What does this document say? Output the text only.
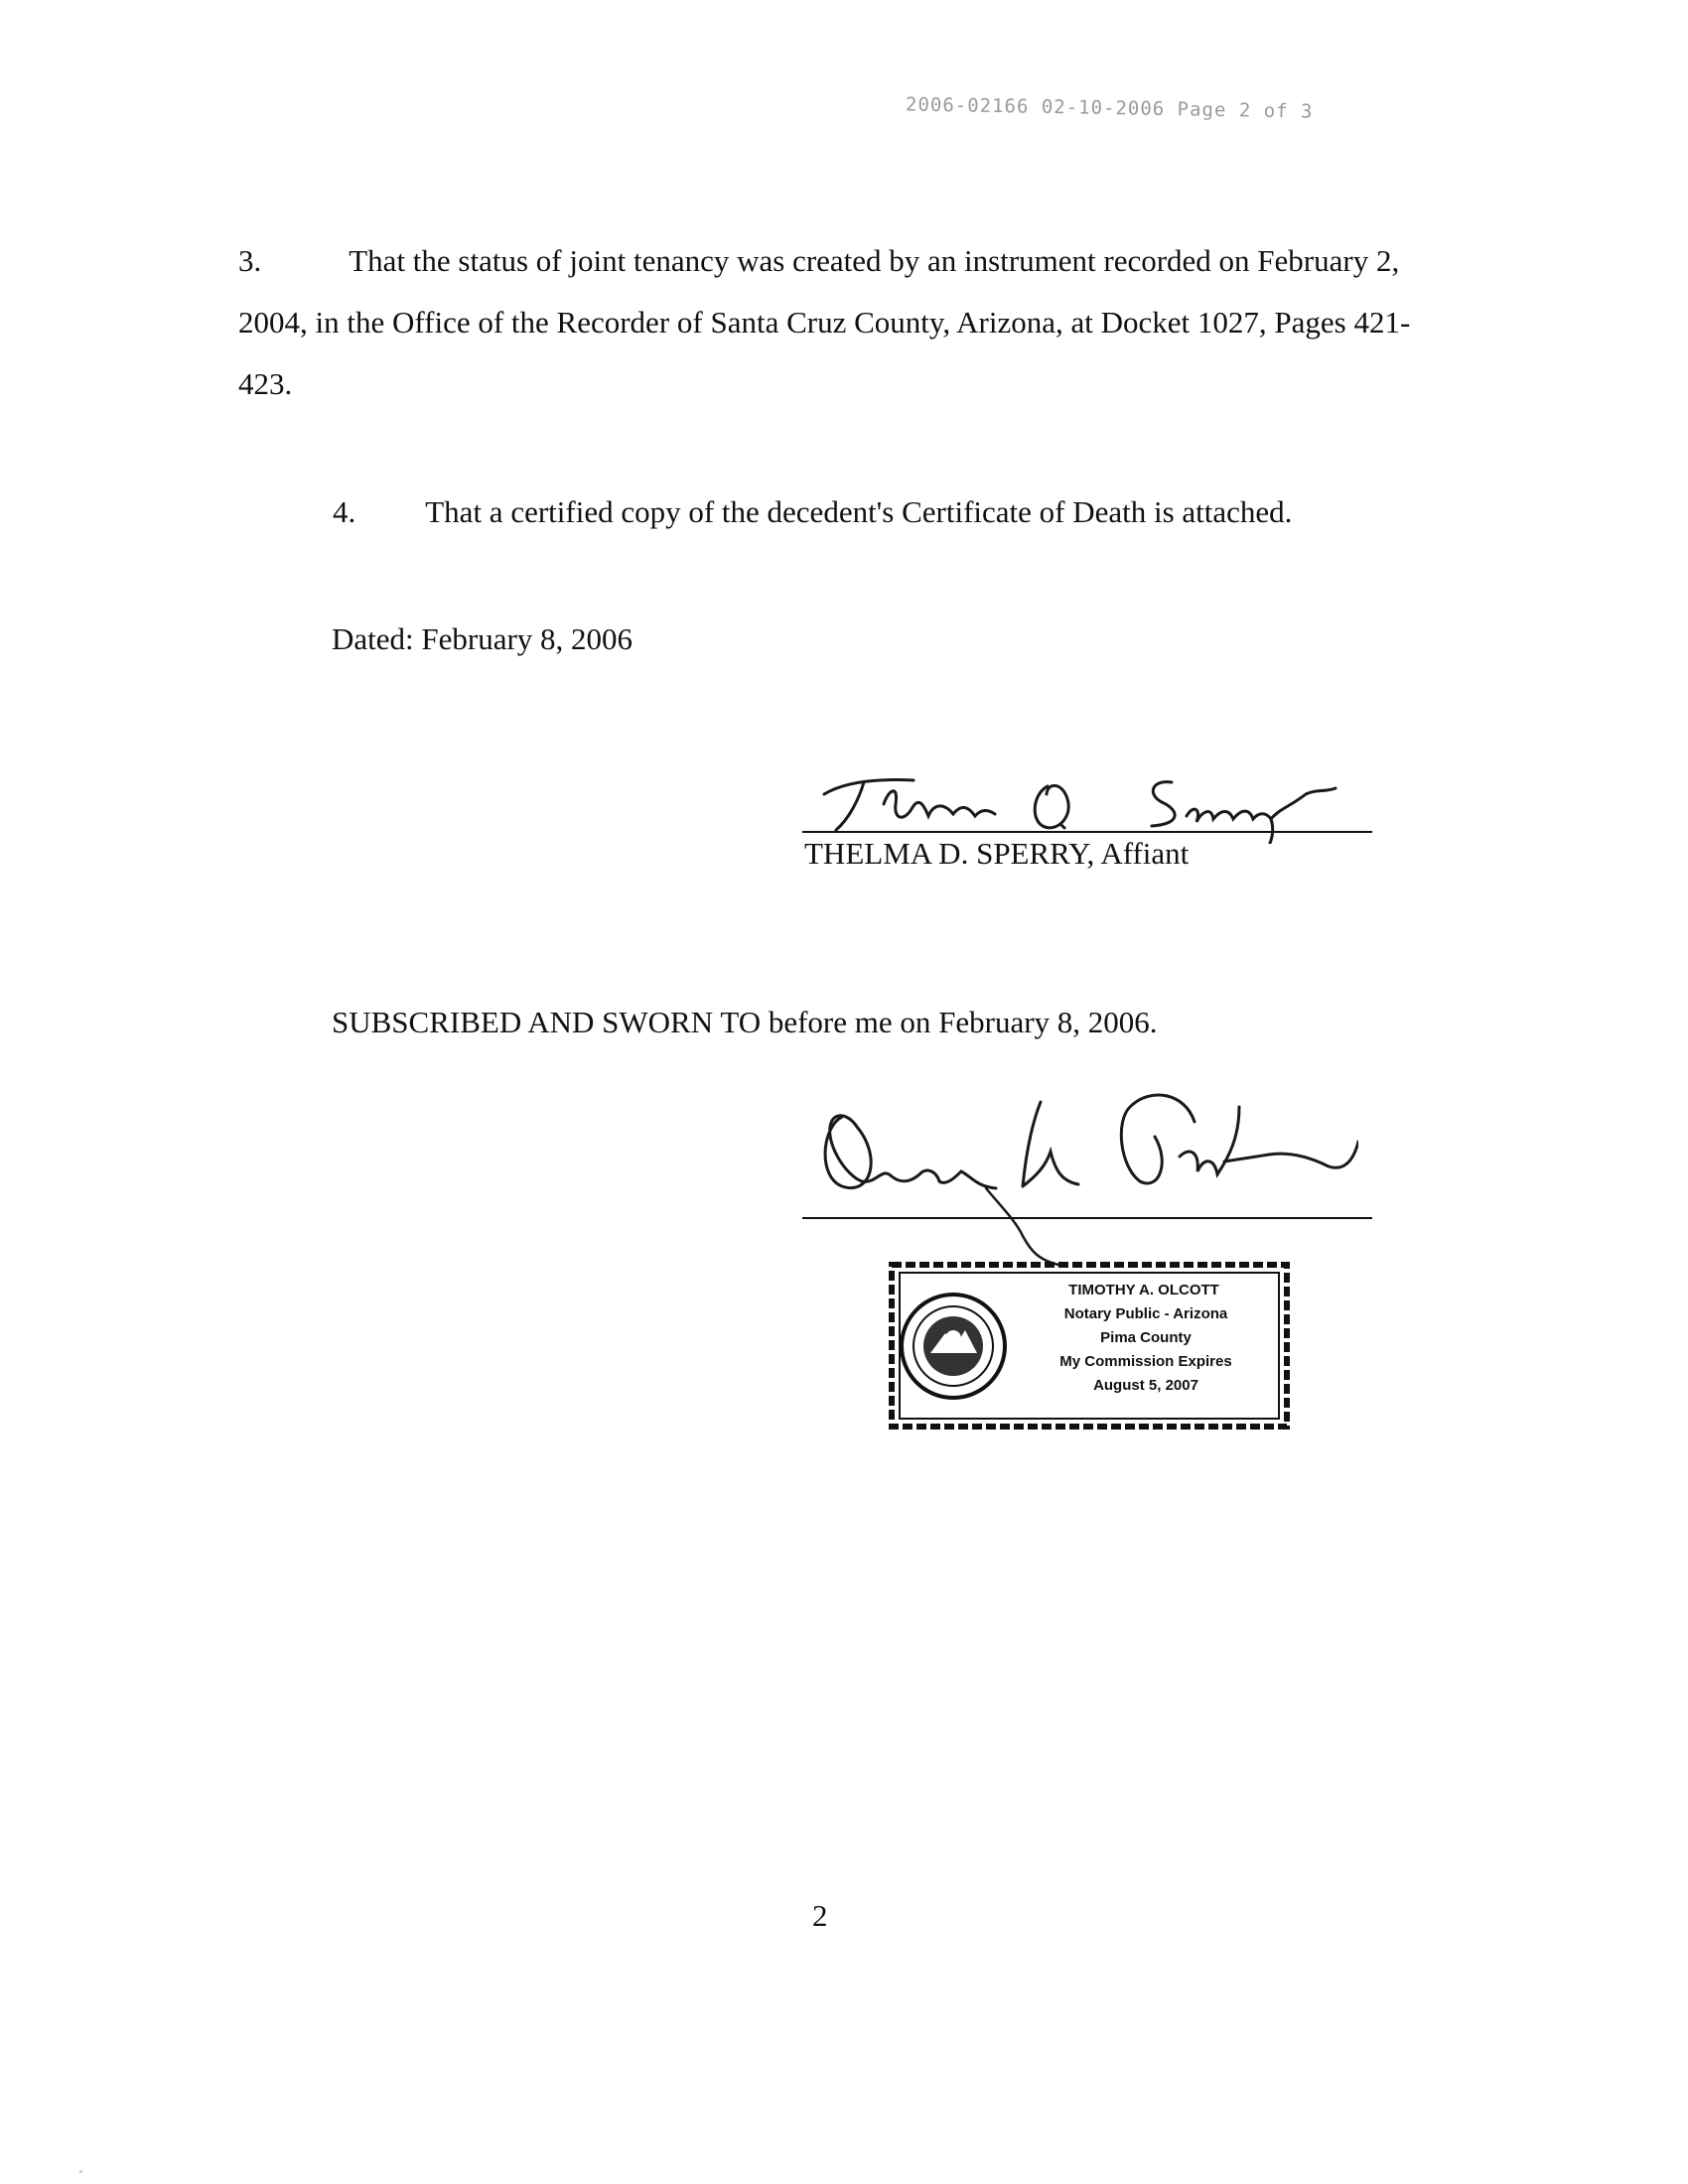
2006-02166 02-10-2006 Page 2 of 3
3.	That the status of joint tenancy was created by an instrument recorded on February 2, 2004, in the Office of the Recorder of Santa Cruz County, Arizona, at Docket 1027, Pages 421-423.
4. That a certified copy of the decedent's Certificate of Death is attached.
Dated: February 8, 2006
THELMA D. SPERRY, Affiant
SUBSCRIBED AND SWORN TO before me on February 8, 2006.
TIMOTHY A. OLCOTT
Notary Public - Arizona
Pima County
My Commission Expires
August 5, 2007
2
